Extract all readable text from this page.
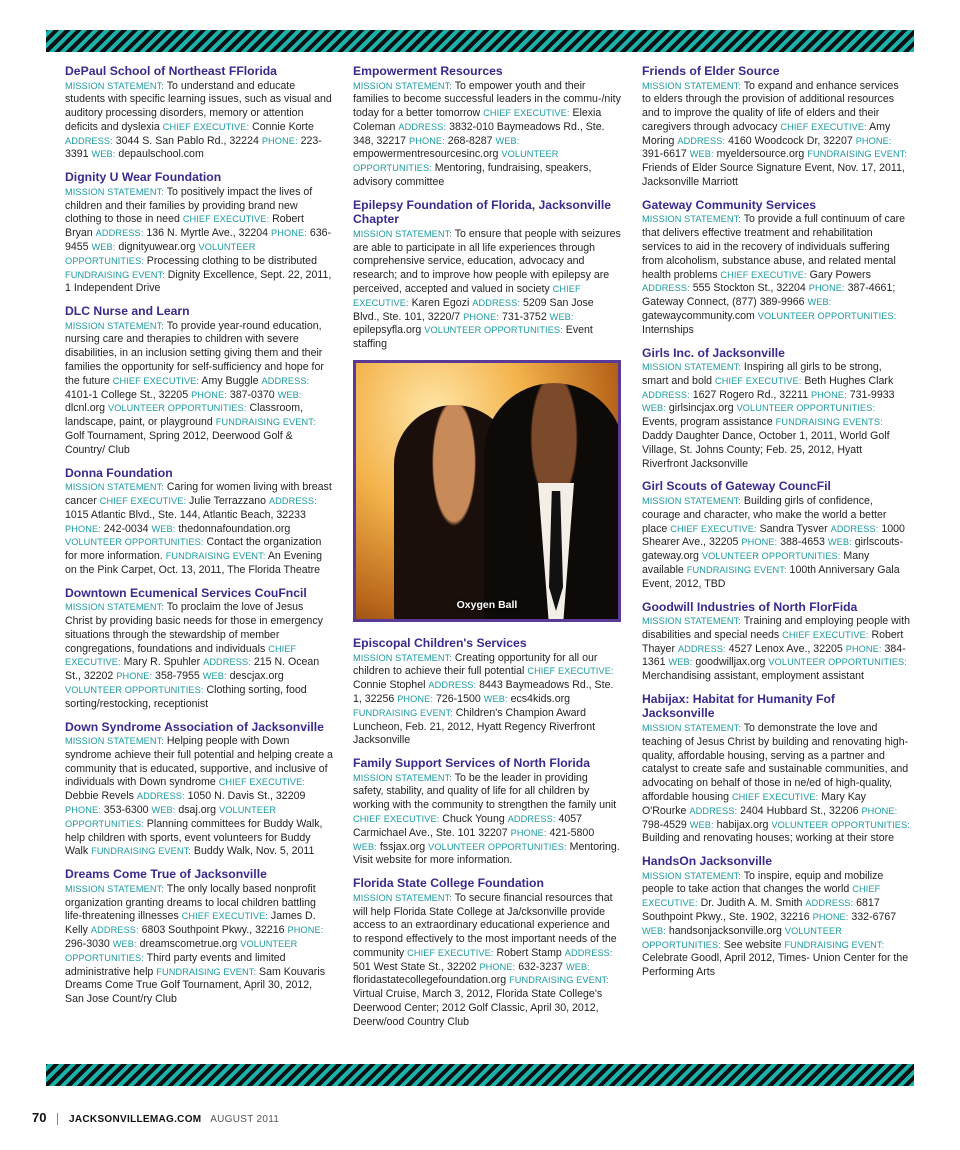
DePaul School of Northeast FFlorida
MISSION STATEMENT: To understand and educate students with specific learning issues, such as visual and auditory processing disorders, memory or attention deficits and dyslexia CHIEF EXECUTIVE: Connie Korte ADDRESS: 3044 S. San Pablo Rd., 32224 PHONE: 223-3391 WEB: depaulschool.com
Dignity U Wear Foundation
MISSION STATEMENT: To positively impact the lives of children and their families by providing brand new clothing to those in need CHIEF EXECUTIVE: Robert Bryan ADDRESS: 136 N. Myrtle Ave., 32204 PHONE: 636-9455 WEB: dignityuwear.org VOLUNTEER OPPORTUNITIES: Processing clothing to be distributed FUNDRAISING EVENT: Dignity Excellence, Sept. 22, 2011, 1 Independent Drive
DLC Nurse and Learn
MISSION STATEMENT: To provide year-round education, nursing care and therapies to children with severe disabilities, in an inclusion setting giving them and their families the opportunity for self-sufficiency and hope for the future CHIEF EXECUTIVE: Amy Buggle ADDRESS: 4101-1 College St., 32205 PHONE: 387-0370 WEB: dlcnl.org VOLUNTEER OPPORTUNITIES: Classroom, landscape, paint, or playground FUNDRAISING EVENT: Golf Tournament, Spring 2012, Deerwood Golf & Country/ Club
Donna Foundation
MISSION STATEMENT: Caring for women living with breast cancer CHIEF EXECUTIVE: Julie Terrazzano ADDRESS: 1015 Atlantic Blvd., Ste. 144, Atlantic Beach, 32233 PHONE: 242-0034 WEB: thedonnafoundation.org VOLUNTEER OPPORTUNITIES: Contact the organization for more information. FUNDRAISING EVENT: An Evening on the Pink Carpet, Oct. 13, 2011, The Florida Theatre
Downtown Ecumenical Services CouFncil
MISSION STATEMENT: To proclaim the love of Jesus Christ by providing basic needs for those in emergency situations through the stewardship of member congregations, foundations and individuals CHIEF EXECUTIVE: Mary R. Spuhler ADDRESS: 215 N. Ocean St., 32202 PHONE: 358-7955 WEB: descjax.org VOLUNTEER OPPORTUNITIES: Clothing sorting, food sorting/restocking, receptionist
Down Syndrome Association of Jacksonville
MISSION STATEMENT: Helping people with Down syndrome achieve their full potential and helping create a community that is educated, supportive, and inclusive of individuals with Down syndrome CHIEF EXECUTIVE: Debbie Revels ADDRESS: 1050 N. Davis St., 32209 PHONE: 353-6300 WEB: dsaj.org VOLUNTEER OPPORTUNITIES: Planning committees for Buddy Walk, help children with sports, event volunteers for Buddy Walk FUNDRAISING EVENT: Buddy Walk, Nov. 5, 2011
Dreams Come True of Jacksonville
MISSION STATEMENT: The only locally based nonprofit organization granting dreams to local children battling life-threatening illnesses CHIEF EXECUTIVE: James D. Kelly ADDRESS: 6803 Southpoint Pkwy., 32216 PHONE: 296-3030 WEB: dreamscometrue.org VOLUNTEER OPPORTUNITIES: Third party events and limited administrative help FUNDRAISING EVENT: Sam Kouvaris Dreams Come True Golf Tournament, April 30, 2012, San Jose Count/ry Club
Empowerment Resources
MISSION STATEMENT: To empower youth and their families to become successful leaders in the commu-/nity today for a better tomorrow CHIEF EXECUTIVE: Elexia Coleman ADDRESS: 3832-010 Baymeadows Rd., Ste. 348, 32217 PHONE: 268-8287 WEB: empowermentresourcesinc.org VOLUNTEER OPPORTUNITIES: Mentoring, fundraising, speakers, advisory committee
Epilepsy Foundation of Florida, Jacksonville Chapter
MISSION STATEMENT: To ensure that people with seizures are able to participate in all life experiences through comprehensive service, education, advocacy and research; and to improve how people with epilepsy are perceived, accepted and valued in society CHIEF EXECUTIVE: Karen Egozi ADDRESS: 5209 San Jose Blvd., Ste. 101, 3220/7 PHONE: 731-3752 WEB: epilepsyfla.org VOLUNTEER OPPORTUNITIES: Event staffing
Oxygen Ball
Episcopal Children's Services
MISSION STATEMENT: Creating opportunity for all our children to achieve their full potential CHIEF EXECUTIVE: Connie Stophel ADDRESS: 8443 Baymeadows Rd., Ste. 1, 32256 PHONE: 726-1500 WEB: ecs4kids.org FUNDRAISING EVENT: Children's Champion Award Luncheon, Feb. 21, 2012, Hyatt Regency Riverfront Jacksonville
Family Support Services of North Florida
MISSION STATEMENT: To be the leader in providing safety, stability, and quality of life for all children by working with the community to strengthen the family unit CHIEF EXECUTIVE: Chuck Young ADDRESS: 4057 Carmichael Ave., Ste. 101 32207 PHONE: 421-5800 WEB: fssjax.org VOLUNTEER OPPORTUNITIES: Mentoring. Visit website for more information.
Florida State College Foundation
MISSION STATEMENT: To secure financial resources that will help Florida State College at Ja/cksonville provide access to an extraordinary educational experience and to respond effectively to the most important needs of the community CHIEF EXECUTIVE: Robert Stamp ADDRESS: 501 West State St., 32202 PHONE: 632-3237 WEB: floridastatecollegefoundation.org FUNDRAISING EVENT: Virtual Cruise, March 3, 2012, Florida State College's Deerwood Center; 2012 Golf Classic, April 30, 2012, Deerw/ood Country Club
Friends of Elder Source
MISSION STATEMENT: To expand and enhance services to elders through the provision of additional resources and to improve the quality of life of elders and their caregivers through advocacy CHIEF EXECUTIVE: Amy Moring ADDRESS: 4160 Woodcock Dr, 32207 PHONE: 391-6617 WEB: myeldersource.org FUNDRAISING EVENT: Friends of Elder Source Signature Event, Nov. 17, 2011, Jacksonville Marriott
Gateway Community Services
MISSION STATEMENT: To provide a full continuum of care that delivers effective treatment and rehabilitation services to aid in the recovery of individuals suffering from alcoholism, substance abuse, and related mental health problems CHIEF EXECUTIVE: Gary Powers ADDRESS: 555 Stockton St., 32204 PHONE: 387-4661; Gateway Connect, (877) 389-9966 WEB: gatewaycommunity.com VOLUNTEER OPPORTUNITIES: Internships
Girls Inc. of Jacksonville
MISSION STATEMENT: Inspiring all girls to be strong, smart and bold CHIEF EXECUTIVE: Beth Hughes Clark ADDRESS: 1627 Rogero Rd., 32211 PHONE: 731-9933 WEB: girlsincjax.org VOLUNTEER OPPORTUNITIES: Events, program assistance FUNDRAISING EVENTS: Daddy Daughter Dance, October 1, 2011, World Golf Village, St. Johns County; Feb. 25, 2012, Hyatt Riverfront Jacksonville
Girl Scouts of Gateway CouncFil
MISSION STATEMENT: Building girls of confidence, courage and character, who make the world a better place CHIEF EXECUTIVE: Sandra Tysver ADDRESS: 1000 Shearer Ave., 32205 PHONE: 388-4653 WEB: girlscouts-gateway.org VOLUNTEER OPPORTUNITIES: Many available FUNDRAISING EVENT: 100th Anniversary Gala Event, 2012, TBD
Goodwill Industries of North FlorFida
MISSION STATEMENT: Training and employing people with disabilities and special needs CHIEF EXECUTIVE: Robert Thayer ADDRESS: 4527 Lenox Ave., 32205 PHONE: 384-1361 WEB: goodwilljax.org VOLUNTEER OPPORTUNITIES: Merchandising assistant, employment assistant
Habijax: Habitat for Humanity Fof Jacksonville
MISSION STATEMENT: To demonstrate the love and teaching of Jesus Christ by building and renovating high-quality, affordable housing, serving as a partner and catalyst to create safe and sustainable communities, and advocating on behalf of those in ne/ed of high-quality, affordable housing CHIEF EXECUTIVE: Mary Kay O'Rourke ADDRESS: 2404 Hubbard St., 32206 PHONE: 798-4529 WEB: habijax.org VOLUNTEER OPPORTUNITIES: Building and renovating houses; working at their store
HandsOn Jacksonville
MISSION STATEMENT: To inspire, equip and mobilize people to take action that changes the world CHIEF EXECUTIVE: Dr. Judith A. M. Smith ADDRESS: 6817 Southpoint Pkwy., Ste. 1902, 32216 PHONE: 332-6767 WEB: handsonjacksonville.org VOLUNTEER OPPORTUNITIES: See website FUNDRAISING EVENT: Celebrate Goodl, April 2012, Times- Union Center for the Performing Arts
70 JACKSONVILLEMAG.COM AUGUST 2011
